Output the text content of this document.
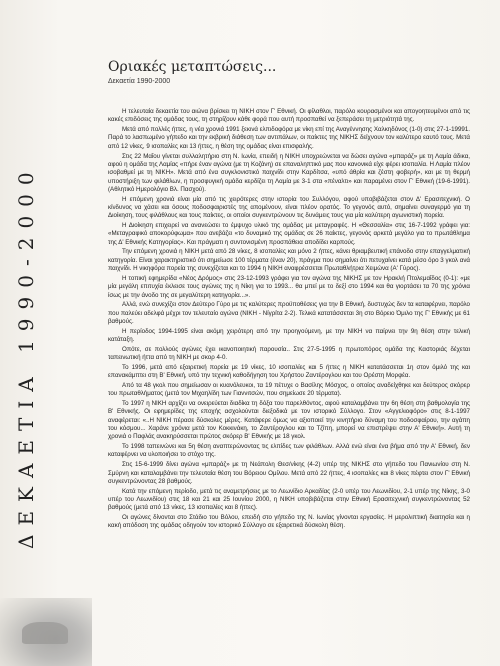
ΔΕΚΑΕΤΙΑ 1990-2000
Οριακές μεταπτώσεις...
Δεκαετία 1990-2000

Η τελευταία δεκαετία του αιώνα βρίσκει τη ΝΙΚΗ στον Γ' Εθνική. Οι φίλαθλοι, παρόλο κουρασμένοι και απογοητευμένοι από τις κακές επιδόσεις της ομάδας τους, τη στηρίζουν κάθε φορά που αυτή προσπαθεί να ξεπεράσει τη μετριότητά της.

Μετά από πολλές ήττες, η νέα χρονιά 1991 ξεκινά ελπιδοφόρα με νίκη επί της Αναγέννησης Χαλκηδόνος (1-0) στις 27-1-19991. Παρά το λασπωμένο γήπεδο και την εκβρική διάθεση των αντιπάλων, οι παίκτες της ΝΙΚΗΣ δείχνουν τον καλύτερο εαυτό τους. Μετά από 12 νίκες, 9 ισοπαλίες και 13 ήττες, η θέση της ομάδας είναι επισφαλής.

Στις 22 Μαΐου γίνεται συλλαλητήριο στη Ν. Ιωνία, επειδή η ΝΙΚΗ υποχρεώνεται να δώσει αγώνα «μπαράζ» με τη Λαμία άδικα, αφού η ομάδα της Λαμίας «πήρε έναν αγώνα (με τη Κοζάνη) σε επαναληπτικό μας που κανονικά είχε φέρει ισοπαλία. Η Λαμία πλέον ισοβαθμεί με τη ΝΙΚΗ». Μετά από ένα συγκλονιστικό παιχνίδι στην Καρδίτσα, «υπό άθρία και ζέστη φοβερή», και με τη θερμή υποστήριξη των φιλάθλων, η προσφυγική ομάδα κερδίζει τη Λαμία με 3-1 στα «πέναλτι» και παραμένει στον Γ' Εθνική (19-6-1991). (Αθλητικό Ημερολόγιο Βλ. Πασχού).

Η επόμενη χρονιά είναι μία από τις χειρότερες στην ιστορία του Συλλόγου, αφού υποβιβάζεται στον Δ' Ερασιτεχνική. Ο κίνδυνος να χάσει και όσους ποδοσφαιριστές της απομένουν, είναι πλέον ορατός. Το γεγονός αυτό, σημαίνει συναγερμό για τη Διοίκηση, τους φιλάθλους και τους παίκτες, οι οποίοι συγκεντρώνουν τις δυνάμεις τους για μία καλύτερη αγωνιστική πορεία.

Η Διοίκηση επιχειρεί να ανανεώσει το έμψυχο υλικό της ομάδας με μεταγραφές. Η «Θεσσαλία» στις 16-7-1992 γράφει για: «Μεταγραφικό αποκορύφωμα» που ανεβάζει «το δυναμικό της ομάδας σε 26 παίκτες, γεγονός αρκετά μεγάλο για το πρωτάθλημα της Δ' Εθνικής Κατηγορίας». Και πράγματι η συντονισμένη προσπάθεια αποδίδει καρπούς.

Την επόμενη χρονιά η ΝΙΚΗ μετά από 28 νίκες, 8 ισοπαλίες και μόνο 2 ήττες, κάνει θριαμβευτική επάνοδο στην επαγγελματική κατηγορία. Είναι χαρακτηριστικό ότι σημείωσε 100 τέρματα (έναν 20), πράγμα που σημαίνει ότι πετυχαίνει κατά μέσο όρο 3 γκολ ανά παιχνίδι. Η νικηφόρα πορεία της συνεχίζεται και το 1994 η ΝΙΚΗ αναφρέσσεται Πρωταθλήτρια Χειμώνα (Α' Γύρος).

Η τοπική εφημερίδα «Νέος Δρόμος» στις 23-12-1993 γράφει για τον αγώνα της ΝΙΚΗΣ με τον Ηρακλή Πτολεμαΐδος (0-1): «με μία μεγάλη επιτυχία έκλεισε τους αγώνες της η Νίκη για το 1993... θα μπεί με το δεξί στο 1994 και θα γιορτάσει τα 70 της χρόνια ίσως με την άνοδο της σε μεγαλύτερη κατηγορία...».

Αλλά, ενώ συνεχίζει στον Δεύτερο Γύρο με τις καλύτερες προϋποθέσεις για την Β Εθνική, δυστυχώς δεν τα καταφέρνει, παρόλο που παλεύει αδελφά μέχρι τον τελευταίο αγώνα (ΝΙΚΗ - Νίγρίτα 2-2). Τελικά κατατάσσεται 3η στο Βόρειο Όμιλο της Γ' Εθνικής με 61 βαθμούς.

Η περίοδος 1994-1995 είναι ακόμη χειρότερη από την προηγούμενη, με την ΝΙΚΗ να παίρνει την 9η θέση στην τελική κατάταξη.

Οπότε, σε πολλούς αγώνες έχει ικανοποιητική παρουσία.. Στις 27-5-1995 η πρωτοπόρος ομάδα της Καστοριάς δέχεται ταπεινωτική ήττα από τη ΝΙΚΗ με σκορ 4-0.

Το 1996, μετά από εξαιρετική πορεία με 19 νίκες, 10 ισοπαλίες και 5 ήττες η ΝΙΚΗ κατατάσσεται 1η στον όμιλό της και επανακάμπτει στη Β' Εθνική, υπό την τεχνική καθοδήγηση του Χρήστου Ζαντέρογλου και του Ορέστη Μορφέα.

Από τα 48 γκολ που σημείωσαν οι κυανόλευκοι, τα 19 πέτυχε ο Βασίλης Μόσχος, ο οποίος αναδείχθηκε και δεύτερος σκόρερ του πρωταθλήματος (μετά τον Μιχαηλίδη των Γιαννιτσών, που σημείωσε 20 τέρματα).

Το 1997 η ΝΙΚΗ αρχίζει να ονειρεύεται διαδίκα τη δόξα του παρελθόντος, αφού καταλαμβάνει την 6η θέση στη βαθμολογία της Β' Εθνικής. Οι εφημερίδες της εποχής ασχολούνται διεξοδικά με τον ιστορικό Σύλλογο. Στον «Αγγελιοφόρο» στις 8-1-1997 αναφέρεται: «..Η ΝΙΚΗ πέρασε δύσκολες μέρες. Κατάφερε όμως να αξιοποιεί την κινητήριο δύναμη του ποδοσφαίρου, την αγάπη του κόσμου... Χαράνε χρόνια μετά τον Κοκκινάκη, το Ζαντέρογλου και το Τζίπη, μπορεί να επιστρέψει στην Α' Εθνική». Αυτή τη χρονιά ο Παφλάς ανακηρύσσεται πρώτος σκόρερ Β' Εθνικής με 18 γκολ.

Το 1998 ταπεινώνει και 5η θέση αναπτερώνοντας τις ελπίδες των φιλάθλων. Αλλά ενώ είναι ένα βήμα από την Α' Εθνική, δεν καταφέρνει να υλοποιήσει το στόχο της.

Στις 15-6-1999 δίνει αγώνα «μπαράζ» με τη Νεάπολη Θεσ/νίκης (4-2) υπέρ της ΝΙΚΗΣ στο γήπεδο του Πανιωνίου στη Ν. Σμύρνη και καταλαμβάνει την τελευταία θέση του Βόρειου Ομίλου. Μετά από 22 ήττες, 4 ισοπαλίες και 8 νίκες πέφτει στον Γ' Εθνική συγκεντρώνοντας 28 βαθμούς.

Κατά την επόμενη περίοδο, μετά τις αναμετρήσεις με το Λεωνίδιο Αρκαδίας (2-0 υπέρ του Λεωνιδίου, 2-1 υπέρ της Νίκης, 3-0 υπέρ του Λεωνιδίου) στις 18 και 21 και 25 Ιουνίου 2000, η ΝΙΚΗ υποβιβάζεται στην Εθνική Ερασιτεχνική συγκεντρώνοντας 52 βαθμούς (μετά από 13 νίκες, 13 ισοπαλίες και 8 ήττες).

Οι αγώνες δίνονται στο Στάδιο του Βόλου, επειδή στο γήπεδο της Ν. Ιωνίας γίνονται εργασίες. Η μερολιπτική διαιτησία και η κακή απόδοση της ομάδας οδηγούν τον ιστορικό Σύλλογο σε εξαιρετικά δύσκολη θέση.
